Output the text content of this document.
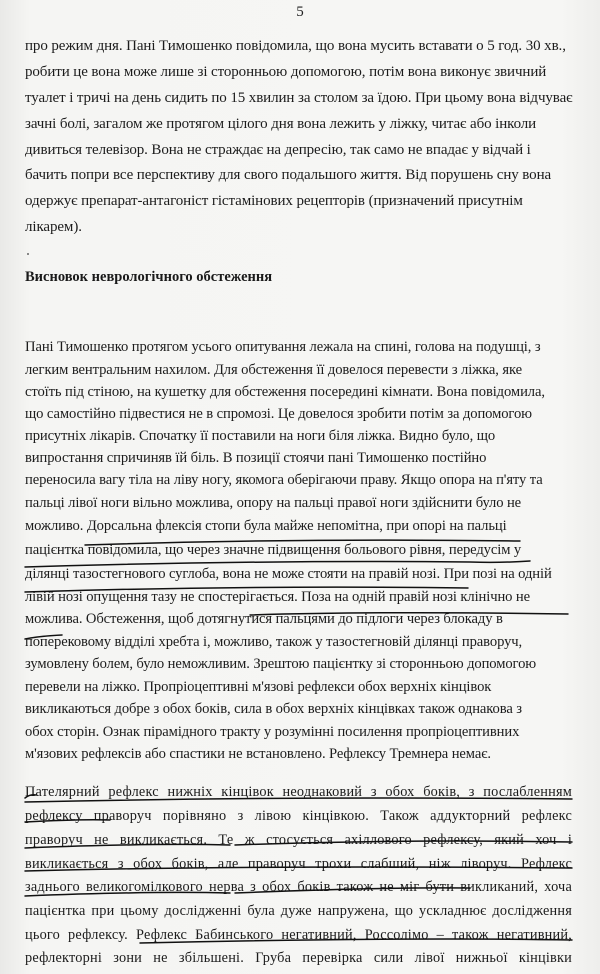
5
про режим дня. Пані Тимошенко повідомила, що вона мусить вставати о 5 год. 30 хв.,
робити це вона може лише зі сторонньою допомогою, потім вона виконує звичний
туалет і тричі на день сидить по 15 хвилин за столом за їдою. При цьому вона відчуває
зачні болі, загалом же протягом цілого дня вона лежить у ліжку, читає або інколи
дивиться телевізор. Вона не страждає на депресію, так само не впадає у відчай і
бачить попри все перспективу для свого подальшого життя. Від порушень сну вона
одержує препарат-антагоніст гістамінових рецепторів (призначений присутнім
лікарем).
Висновок неврологічного обстеження
Пані Тимошенко протягом усього опитування лежала на спині, голова на подушці, з
легким вентральним нахилом. Для обстеження її довелося перевести з ліжка, яке
стоїть під стіною, на кушетку для обстеження посередині кімнати. Вона повідомила,
що самостійно підвестися не в спромозі. Це довелося зробити потім за допомогою
присутніх лікарів. Спочатку її поставили на ноги біля ліжка. Видно було, що
випростання спричиняв їй біль. В позиції стоячи пані Тимошенко постійно
переносила вагу тіла на ліву ногу, якомога оберігаючи праву. Якщо опора на п'яту та
пальці лівої ноги вільно можлива, опору на пальці правої ноги здійснити було не
можливо. Дорсальна флексія стопи була майже непомітна, при опорі на пальці
пацієнтка повідомила, що через значне підвищення больового рівня, передусім у
ділянці тазостегнового суглоба, вона не може стояти на правій нозі. При позі на одній
лівій нозі опущення тазу не спостерігається. Поза на одній правій нозі клінічно не
можлива. Обстеження, щоб дотягнутися пальцями до підлоги через блокаду в
поперековому відділі хребта і, можливо, також у тазостегновій ділянці праворуч,
зумовлену болем, було неможливим. Зрештою пацієнтку зі сторонньою допомогою
перевели на ліжко. Пропріоцептивні м'язові рефлекси обох верхніх кінцівок
викликаються добре з обох боків, сила в обох верхніх кінцівках також однакова з
обох сторін. Ознак пірамідного тракту у розумінні посилення пропріоцептивних
м'язових рефлексів або спастики не встановлено. Рефлексу Тремнера немає.
Пателярний рефлекс нижніх кінцівок неоднаковий з обох боків, з послабленням
рефлексу праворуч порівняно з лівою кінцівкою. Також аддукторний рефлекс
праворуч не викликається. Те ж стосується ахіллового рефлексу, який хоч і
викликається з обох боків, але праворуч трохи слабший, ніж ліворуч. Рефлекс
заднього великогомілкового нерва з обох боків також не міг бути викликаний, хоча
пацієнтка при цьому дослідженні була дуже напружена, що ускладнює дослідження
цього рефлексу. Рефлекс Бабинського негативний, Россолімо – також негативний,
рефлекторні зони не збільшені. Груба перевірка сили лівої нижньої кінцівки
